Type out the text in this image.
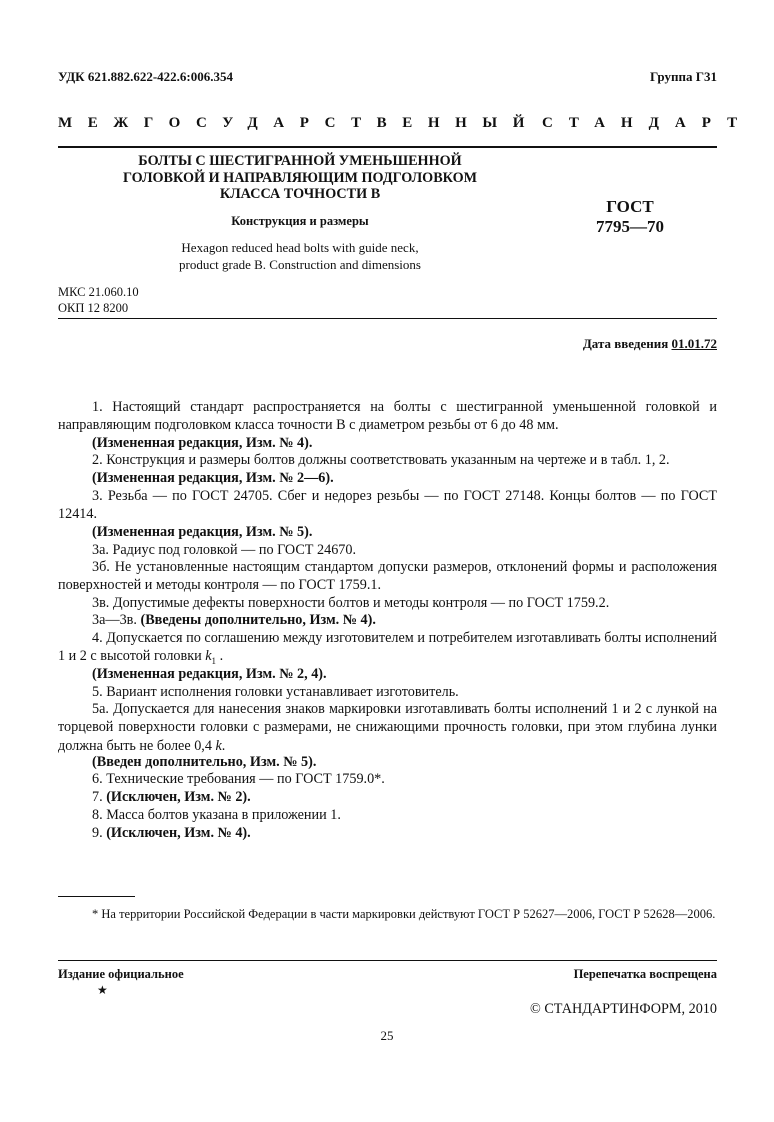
УДК 621.882.622-422.6:006.354	Группа Г31
МЕЖГОСУДАРСТВЕННЫЙ СТАНДАРТ
БОЛТЫ С ШЕСТИГРАННОЙ УМЕНЬШЕННОЙ
ГОЛОВКОЙ И НАПРАВЛЯЮЩИМ ПОДГОЛОВКОМ
КЛАССА ТОЧНОСТИ В
Конструкция и размеры
Hexagon reduced head bolts with guide neck,
product grade B. Construction and dimensions
ГОСТ
7795—70
МКС 21.060.10
ОКП 12 8200
Дата введения 01.01.72
1. Настоящий стандарт распространяется на болты с шестигранной уменьшенной головкой и направляющим подголовком класса точности В с диаметром резьбы от 6 до 48 мм.
(Измененная редакция, Изм. № 4).
2. Конструкция и размеры болтов должны соответствовать указанным на чертеже и в табл. 1, 2.
(Измененная редакция, Изм. № 2—6).
3. Резьба — по ГОСТ 24705. Сбег и недорез резьбы — по ГОСТ 27148. Концы болтов — по ГОСТ 12414.
(Измененная редакция, Изм. № 5).
3а. Радиус под головкой — по ГОСТ 24670.
3б. Не установленные настоящим стандартом допуски размеров, отклонений формы и расположения поверхностей и методы контроля — по ГОСТ 1759.1.
3в. Допустимые дефекты поверхности болтов и методы контроля — по ГОСТ 1759.2.
3а—3в. (Введены дополнительно, Изм. № 4).
4. Допускается по соглашению между изготовителем и потребителем изготавливать болты исполнений 1 и 2 с высотой головки $k_1$ .
(Измененная редакция, Изм. № 2, 4).
5. Вариант исполнения головки устанавливает изготовитель.
5а. Допускается для нанесения знаков маркировки изготавливать болты исполнений 1 и 2 с лункой на торцевой поверхности головки с размерами, не снижающими прочность головки, при этом глубина лунки должна быть не более 0,4 k.
(Введен дополнительно, Изм. № 5).
6. Технические требования — по ГОСТ 1759.0*.
7. (Исключен, Изм. № 2).
8. Масса болтов указана в приложении 1.
9. (Исключен, Изм. № 4).
* На территории Российской Федерации в части маркировки действуют ГОСТ Р 52627—2006, ГОСТ Р 52628—2006.
Издание официальное
★
Перепечатка воспрещена
© СТАНДАРТИНФОРМ, 2010
25
